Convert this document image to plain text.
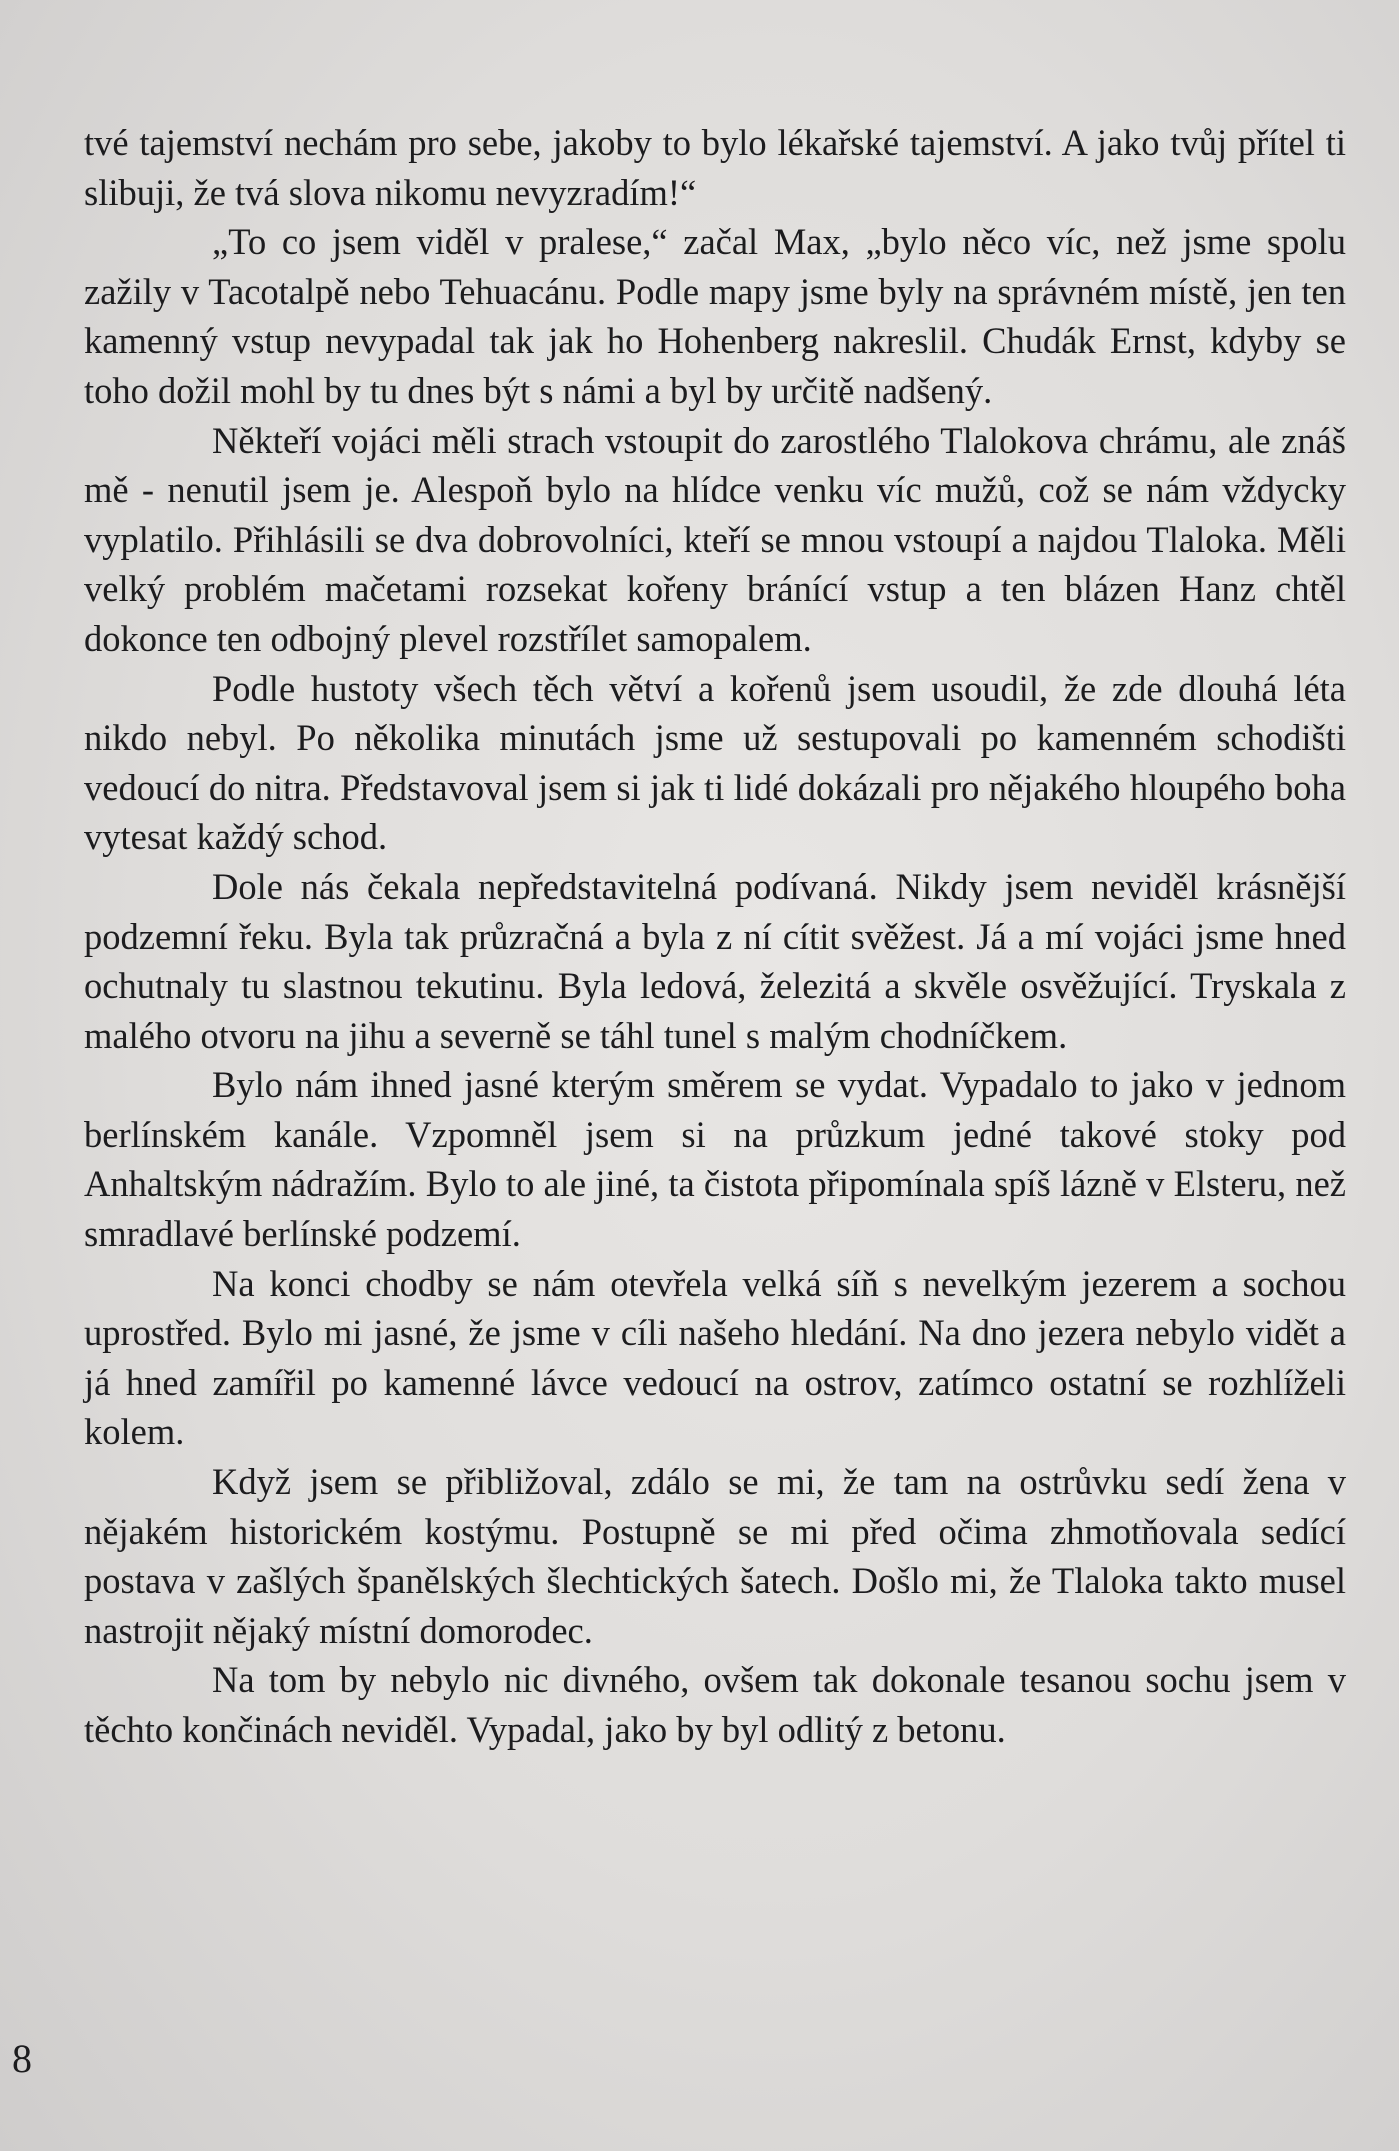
tvé tajemství nechám pro sebe, jakoby to bylo lékařské tajemství. A jako tvůj přítel ti slibuji, že tvá slova nikomu nevyzradím!“

„To co jsem viděl v pralese,“ začal Max, „bylo něco víc, než jsme spolu zažily v Tacotalpě nebo Tehuacánu. Podle mapy jsme byly na správném místě, jen ten kamenný vstup nevypadal tak jak ho Hohenberg nakreslil. Chudák Ernst, kdyby se toho dožil mohl by tu dnes být s námi a byl by určitě nadšený.

Někteří vojáci měli strach vstoupit do zarostlého Tlalokova chrámu, ale znáš mě - nenutil jsem je. Alespoň bylo na hlídce venku víc mužů, což se nám vždycky vyplatilo. Přihlásili se dva dobrovolníci, kteří se mnou vstoupí a najdou Tlaloka. Měli velký problém mačetami rozsekat kořeny bránící vstup a ten blázen Hanz chtěl dokonce ten odbojný plevel rozstřílet samopalem.

Podle hustoty všech těch větví a kořenů jsem usoudil, že zde dlouhá léta nikdo nebyl. Po několika minutách jsme už sestupovali po kamenném schodišti vedoucí do nitra. Představoval jsem si jak ti lidé dokázali pro nějakého hloupého boha vytesat každý schod.

Dole nás čekala nepředstavitelná podívaná. Nikdy jsem neviděl krásnější podzemní řeku. Byla tak průzračná a byla z ní cítit svěžest. Já a mí vojáci jsme hned ochutnaly tu slastnou tekutinu. Byla ledová, železitá a skvěle osvěžující. Tryskala z malého otvoru na jihu a severně se táhl tunel s malým chodníčkem.

Bylo nám ihned jasné kterým směrem se vydat. Vypadalo to jako v jednom berlínském kanále. Vzpomněl jsem si na průzkum jedné takové stoky pod Anhaltským nádražím. Bylo to ale jiné, ta čistota připomínala spíš lázně v Elsteru, než smradlavé berlínské podzemí.

Na konci chodby se nám otevřela velká síň s nevelkým jezerem a sochou uprostřed. Bylo mi jasné, že jsme v cíli našeho hledání. Na dno jezera nebylo vidět a já hned zamířil po kamenné lávce vedoucí na ostrov, zatímco ostatní se rozhlíželi kolem.

Když jsem se přibližoval, zdálo se mi, že tam na ostrůvku sedí žena v nějakém historickém kostýmu. Postupně se mi před očima zhmotňovala sedící postava v zašlých španělských šlechtických šatech. Došlo mi, že Tlaloka takto musel nastrojit nějaký místní domorodec.

Na tom by nebylo nic divného, ovšem tak dokonale tesanou sochu jsem v těchto končinách neviděl. Vypadal, jako by byl odlitý z betonu.

8
